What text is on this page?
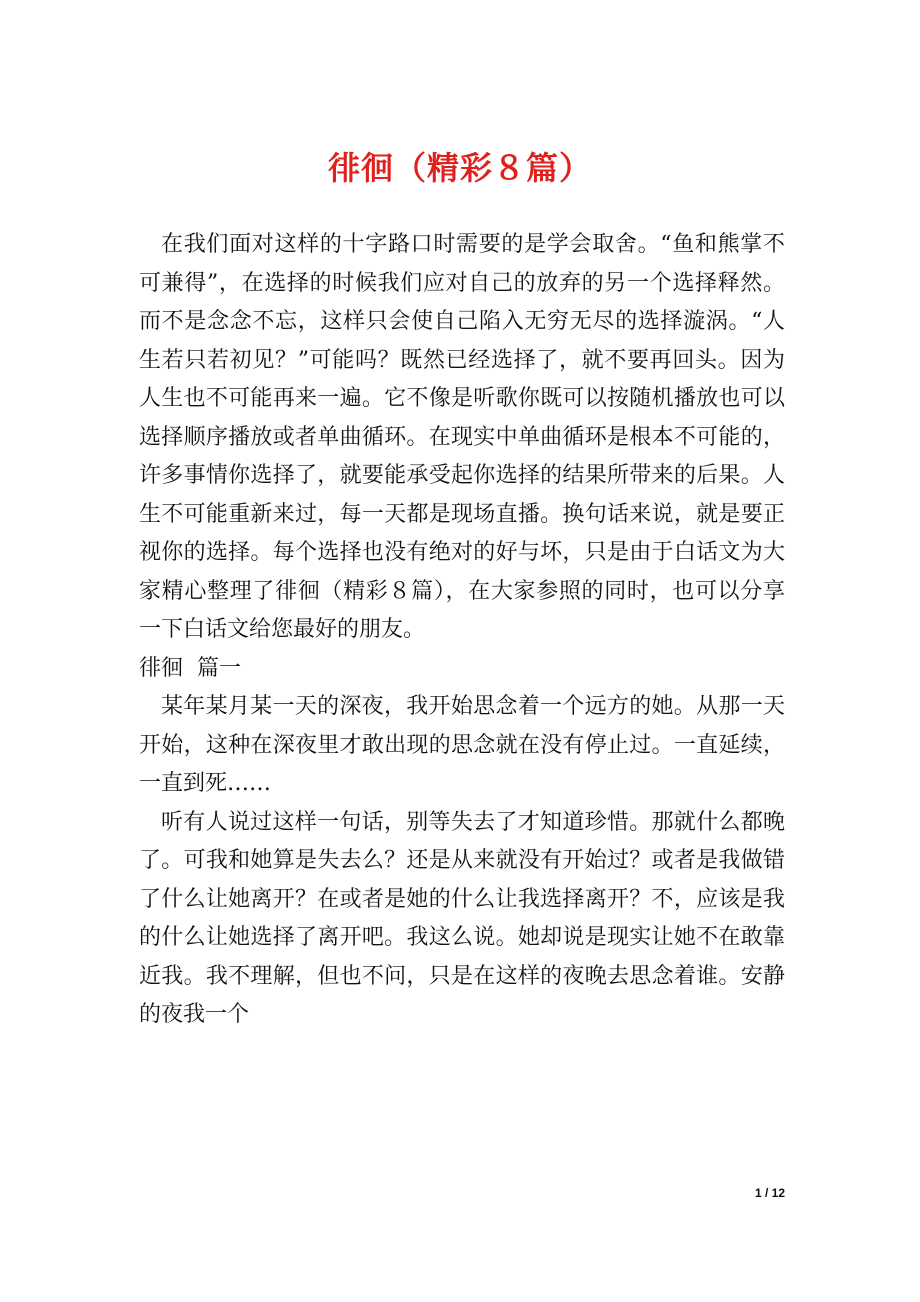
徘徊（精彩８篇）

在我们面对这样的十字路口时需要的是学会取舍。“鱼和熊掌不可兼得”，在选择的时候我们应对自己的放弃的另一个选择释然。而不是念念不忘，这样只会使自己陷入无穷无尽的选择漩涡。“人生若只若初见？”可能吗？既然已经选择了，就不要再回头。因为人生也不可能再来一遍。它不像是听歌你既可以按随机播放也可以选择顺序播放或者单曲循环。在现实中单曲循环是根本不可能的，许多事情你选择了，就要能承受起你选择的结果所带来的后果。人生不可能重新来过，每一天都是现场直播。换句话来说，就是要正视你的选择。每个选择也没有绝对的好与坏，只是由于白话文为大家精心整理了徘徊（精彩８篇），在大家参照的同时，也可以分享一下白话文给您最好的朋友。

徘徊  篇一

某年某月某一天的深夜，我开始思念着一个远方的她。从那一天开始，这种在深夜里才敢出现的思念就在没有停止过。一直延续，一直到死……

听有人说过这样一句话，别等失去了才知道珍惜。那就什么都晚了。可我和她算是失去么？还是从来就没有开始过？或者是我做错了什么让她离开？在或者是她的什么让我选择离开？不，应该是我的什么让她选择了离开吧。我这么说。她却说是现实让她不在敢靠近我。我不理解，但也不问，只是在这样的夜晚去思念着谁。安静的夜我一个

1 / 12
